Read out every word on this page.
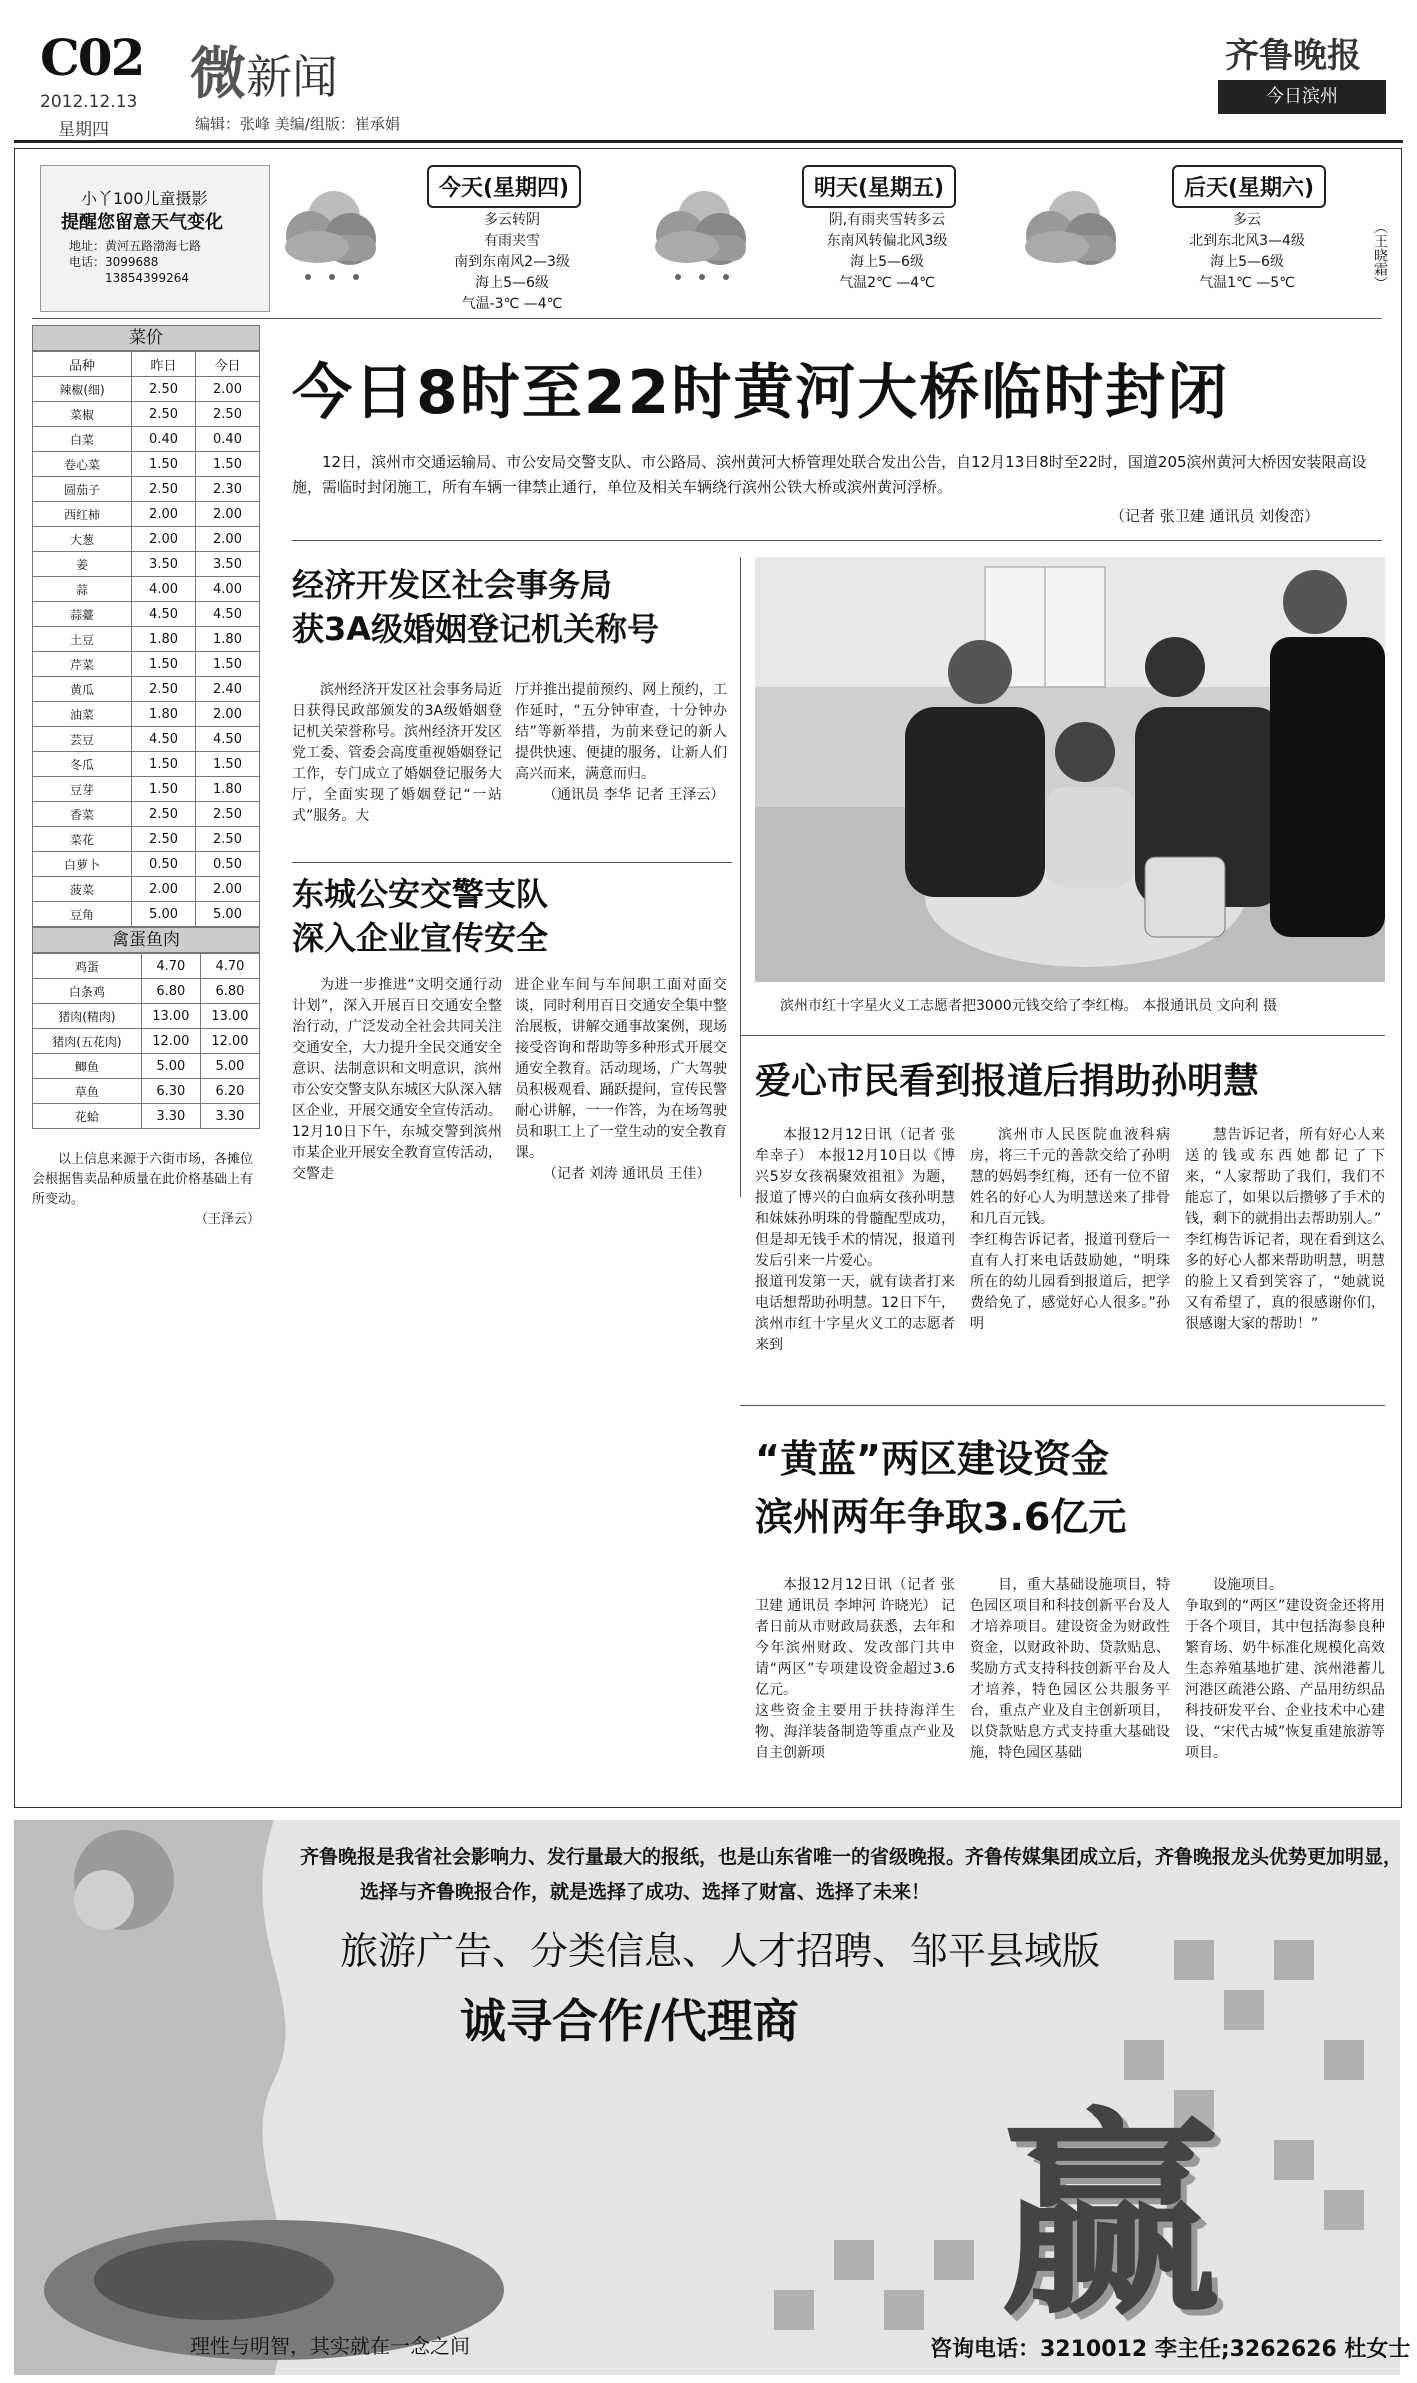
C02
2012.12.13
星期四
微新闻
编辑：张峰 美编/组版：崔承娟
齐鲁晚报
今日滨州
小丫100儿童摄影
提醒您留意天气变化
地址：黄河五路渤海七路
电话：3099688
13854399264
今天(星期四)
多云转阴
有雨夹雪
南到东南风2—3级
海上5—6级
气温-3℃ —4℃
明天(星期五)
阴,有雨夹雪转多云
东南风转偏北风3级
海上5—6级
气温2℃ —4℃
后天(星期六)
多云
北到东北风3—4级
海上5—6级
气温1℃ —5℃	（王晓霜）
菜价
品种	昨日	今日
辣椒(细)	2.50	2.00
菜椒	2.50	2.50
白菜	0.40	0.40
卷心菜	1.50	1.50
圆茄子	2.50	2.30
西红柿	2.00	2.00
大葱	2.00	2.00
姜	3.50	3.50
蒜	4.00	4.00
蒜薹	4.50	4.50
土豆	1.80	1.80
芹菜	1.50	1.50
黄瓜	2.50	2.40
油菜	1.80	2.00
芸豆	4.50	4.50
冬瓜	1.50	1.50
豆芽	1.50	1.80
香菜	2.50	2.50
菜花	2.50	2.50
白萝卜	0.50	0.50
菠菜	2.00	2.00
豆角	5.00	5.00
禽蛋鱼肉
鸡蛋	4.70	4.70
白条鸡	6.80	6.80
猪肉(精肉)	13.00	13.00
猪肉(五花肉)	12.00	12.00
鲫鱼	5.00	5.00
草鱼	6.30	6.20
花蛤	3.30	3.30
以上信息来源于六街市场，各摊位会根据售卖品种质量在此价格基础上有所变动。
（王泽云）
今日8时至22时黄河大桥临时封闭
12日，滨州市交通运输局、市公安局交警支队、市公路局、滨州黄河大桥管理处联合发出公告，自12月13日8时至22时，国道205滨州黄河大桥因安装限高设施，需临时封闭施工，所有车辆一律禁止通行，单位及相关车辆绕行滨州公铁大桥或滨州黄河浮桥。
（记者 张卫建 通讯员 刘俊峦）
经济开发区社会事务局
获3A级婚姻登记机关称号
滨州经济开发区社会事务局近日获得民政部颁发的3A级婚姻登记机关荣誉称号。滨州经济开发区党工委、管委会高度重视婚姻登记工作，专门成立了婚姻登记服务大厅，全面实现了婚姻登记“一站式”服务。大
厅并推出提前预约、网上预约，工作延时，“五分钟审查，十分钟办结”等新举措，为前来登记的新人提供快速、便捷的服务，让新人们高兴而来，满意而归。
（通讯员 李华 记者 王泽云）
东城公安交警支队
深入企业宣传安全
为进一步推进“文明交通行动计划”，深入开展百日交通安全整治行动，广泛发动全社会共同关注交通安全，大力提升全民交通安全意识、法制意识和文明意识，滨州市公安交警支队东城区大队深入辖区企业，开展交通安全宣传活动。
12月10日下午，东城交警到滨州市某企业开展安全教育宣传活动，交警走
进企业车间与车间职工面对面交谈，同时利用百日交通安全集中整治展板，讲解交通事故案例，现场接受咨询和帮助等多种形式开展交通安全教育。活动现场，广大驾驶员积极观看、踊跃提问，宣传民警耐心讲解，一一作答，为在场驾驶员和职工上了一堂生动的安全教育课。
（记者 刘涛 通讯员 王佳）
滨州市红十字星火义工志愿者把3000元钱交给了李红梅。 本报通讯员 文向利 摄
爱心市民看到报道后捐助孙明慧
本报12月12日讯（记者 张牟幸子） 本报12月10日以《博兴5岁女孩祸聚效祖祖》为题，报道了博兴的白血病女孩孙明慧和妹妹孙明珠的骨髓配型成功，但是却无钱手术的情况，报道刊发后引来一片爱心。
报道刊发第一天，就有读者打来电话想帮助孙明慧。12日下午，滨州市红十字星火义工的志愿者来到
滨州市人民医院血液科病房，将三千元的善款交给了孙明慧的妈妈李红梅，还有一位不留姓名的好心人为明慧送来了排骨和几百元钱。
李红梅告诉记者，报道刊登后一直有人打来电话鼓励她，“明珠所在的幼儿园看到报道后，把学费给免了，感觉好心人很多。”孙明
慧告诉记者，所有好心人来送的钱或东西她都记了下来，“人家帮助了我们，我们不能忘了，如果以后攒够了手术的钱，剩下的就捐出去帮助别人。”
李红梅告诉记者，现在看到这么多的好心人都来帮助明慧，明慧的脸上又看到笑容了，“她就说又有希望了，真的很感谢你们，很感谢大家的帮助！”
“黄蓝”两区建设资金
滨州两年争取3.6亿元
本报12月12日讯（记者 张卫建 通讯员 李坤河 许晓光） 记者日前从市财政局获悉，去年和今年滨州财政、发改部门共申请“两区”专项建设资金超过3.6亿元。
这些资金主要用于扶持海洋生物、海洋装备制造等重点产业及自主创新项
目，重大基础设施项目，特色园区项目和科技创新平台及人才培养项目。建设资金为财政性资金，以财政补助、贷款贴息、奖励方式支持科技创新平台及人才培养，特色园区公共服务平台，重点产业及自主创新项目，以贷款贴息方式支持重大基础设施，特色园区基础
设施项目。
争取到的“两区”建设资金还将用于各个项目，其中包括海参良种繁育场、奶牛标准化规模化高效生态养殖基地扩建、滨州港蓄儿河港区疏港公路、产品用纺织品科技研发平台、企业技术中心建设、“宋代古城”恢复重建旅游等项目。
齐鲁晚报是我省社会影响力、发行量最大的报纸，也是山东省唯一的省级晚报。齐鲁传媒集团成立后，齐鲁晚报龙头优势更加明显，
选择与齐鲁晚报合作，就是选择了成功、选择了财富、选择了未来！
旅游广告、分类信息、人才招聘、邹平县域版
诚寻合作/代理商
赢
理性与明智，其实就在一念之间	咨询电话：3210012 李主任;3262626 杜女士
